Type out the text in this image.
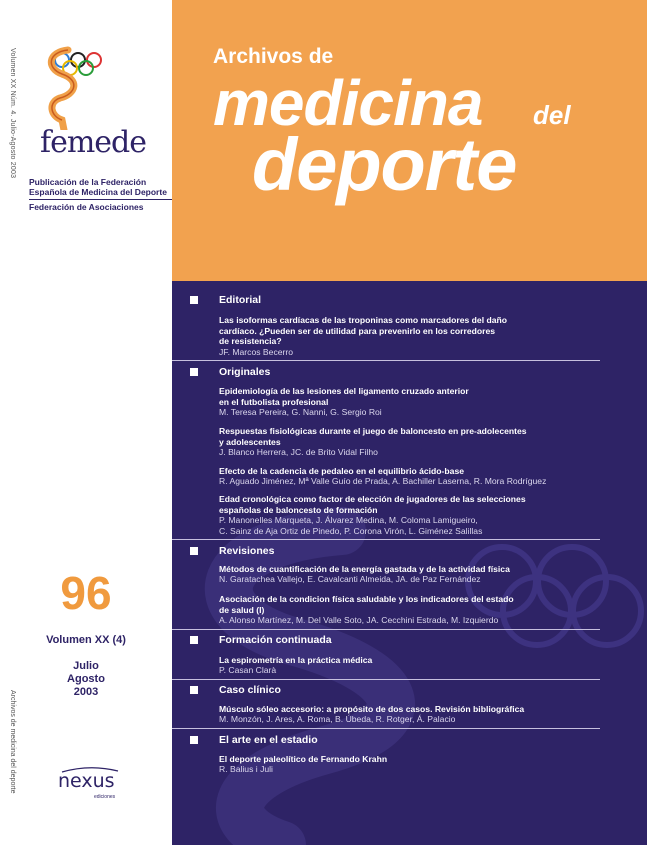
Volumen XX Núm. 4. Julio-Agosto 2003
Archivos de medicina del deporte
femede
Publicación de la Federación
Española de Medicina del Deporte
Federación de Asociaciones
96
Volumen XX (4)
Julio
Agosto
2003
nexus
ediciones
Archivos de
medicina del
deporte
Editorial
Las isoformas cardíacas de las troponinas como marcadores del daño
cardíaco. ¿Pueden ser de utilidad para prevenirlo en los corredores
de resistencia?
JF. Marcos Becerro
Originales
Epidemiología de las lesiones del ligamento cruzado anterior
en el futbolista profesional
M. Teresa Pereira, G. Nanni, G. Sergio Roi
Respuestas fisiológicas durante el juego de baloncesto en pre-adolecentes
y adolescentes
J. Blanco Herrera, JC. de Brito Vidal Filho
Efecto de la cadencia de pedaleo en el equilibrio ácido-base
R. Aguado Jiménez, Mª Valle Guío de Prada, A. Bachiller Laserna, R. Mora Rodríguez
Edad cronológica como factor de elección de jugadores de las selecciones
españolas de baloncesto de formación
P. Manonelles Marqueta, J. Álvarez Medina, M. Coloma Lamigueiro,
C. Sainz de Aja Ortiz de Pinedo, P. Corona Virón, L. Giménez Salillas
Revisiones
Métodos de cuantificación de la energía gastada y de la actividad física
N. Garatachea Vallejo, E. Cavalcanti Almeida, JA. de Paz Fernández
Asociación de la condicion física saludable y los indicadores del estado
de salud (I)
A. Alonso Martínez, M. Del Valle Soto, JA. Cecchini Estrada, M. Izquierdo
Formación continuada
La espirometría en la práctica médica
P. Casan Clarà
Caso clínico
Músculo sóleo accesorio: a propósito de dos casos. Revisión bibliográfica
M. Monzón, J. Ares, A. Roma, B. Úbeda, R. Rotger, Á. Palacio
El arte en el estadio
El deporte paleolítico de Fernando Krahn
R. Balius i Juli
